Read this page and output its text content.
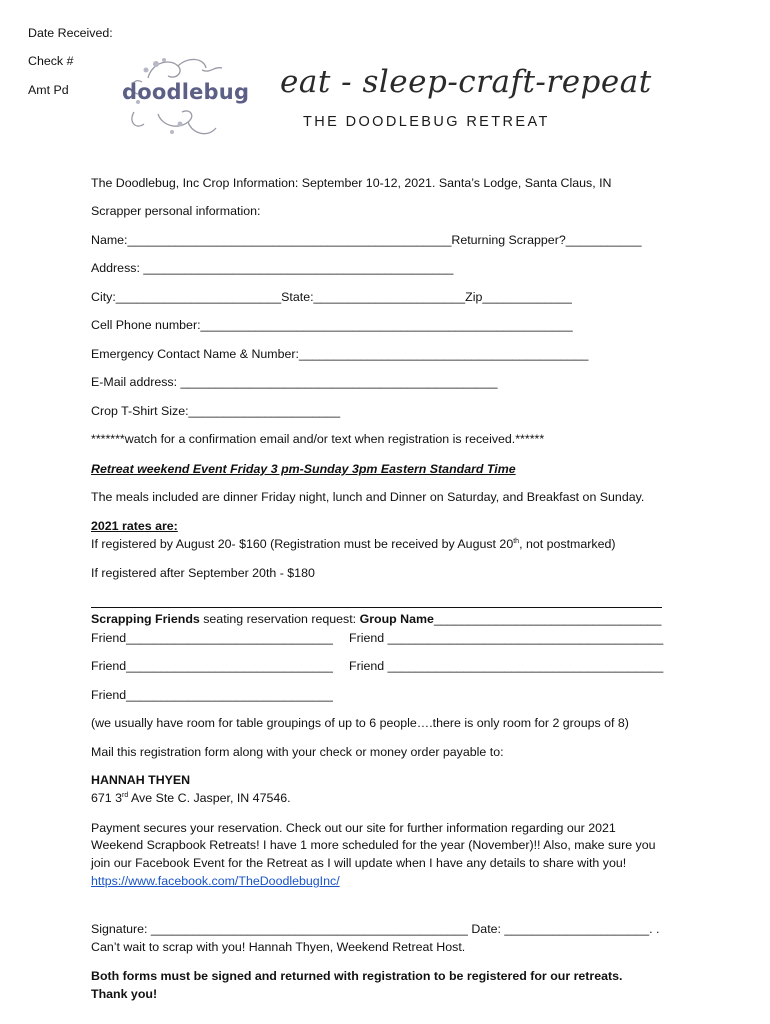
Date Received:
Check #
Amt Pd	doodlebug eat - sleep-craft-repeat
THE DOODLEBUG RETREAT
The Doodlebug, Inc Crop Information: September 10-12, 2021. Santa’s Lodge, Santa Claus, IN
Scrapper personal information:
Name:_______________________________________________Returning Scrapper?___________
Address: _____________________________________________
City:________________________State:______________________Zip_____________
Cell Phone number:______________________________________________________
Emergency Contact Name & Number:__________________________________________
E-Mail address: ______________________________________________
Crop T-Shirt Size:______________________
*******watch for a confirmation email and/or text when registration is received.******
Retreat weekend Event Friday 3 pm-Sunday 3pm Eastern Standard Time
The meals included are dinner Friday night, lunch and Dinner on Saturday, and Breakfast on Sunday.
2021 rates are:
If registered by August 20- $160 (Registration must be received by August 20th, not postmarked)
If registered after September 20th - $180
Scrapping Friends seating reservation request: Group Name_________________________________
Friend______________________________ Friend ________________________________________
Friend______________________________ Friend ________________________________________
Friend______________________________
(we usually have room for table groupings of up to 6 people….there is only room for 2 groups of 8)
Mail this registration form along with your check or money order payable to:
HANNAH THYEN
671 3rd Ave Ste C. Jasper, IN 47546.
Payment secures your reservation. Check out our site for further information regarding our 2021
Weekend Scrapbook Retreats! I have 1 more scheduled for the year (November)!! Also, make sure you
join our Facebook Event for the Retreat as I will update when I have any details to share with you!
https://www.facebook.com/TheDoodlebugInc/
Signature: ______________________________________________ Date: _____________________. .
Can’t wait to scrap with you! Hannah Thyen, Weekend Retreat Host.
Both forms must be signed and returned with registration to be registered for our retreats.
Thank you!
